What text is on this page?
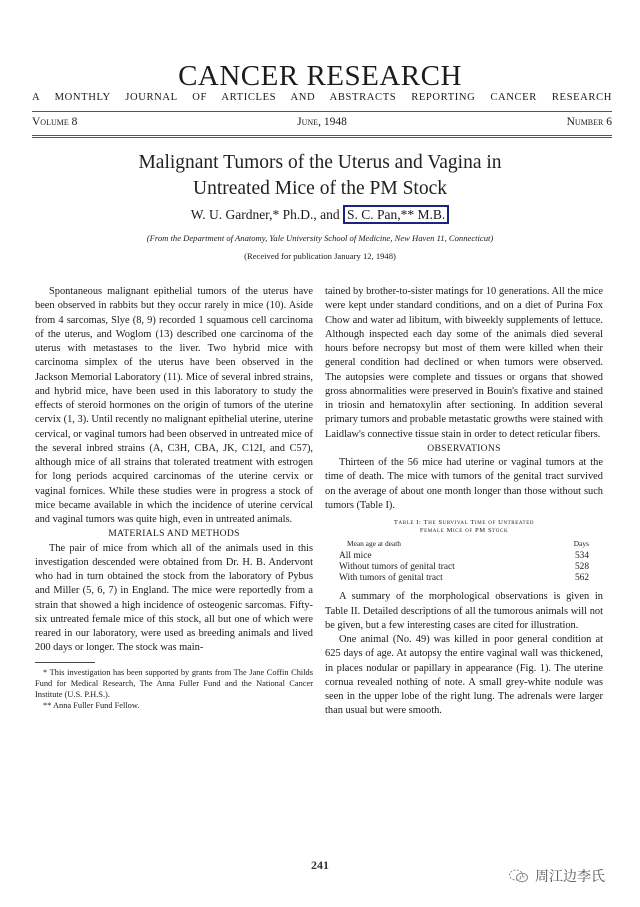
CANCER RESEARCH
A MONTHLY JOURNAL OF ARTICLES AND ABSTRACTS REPORTING CANCER RESEARCH
Volume 8	June, 1948	Number 6
Malignant Tumors of the Uterus and Vagina in
Untreated Mice of the PM Stock
W. U. Gardner,* Ph.D., and S. C. Pan,** M.B.
(From the Department of Anatomy, Yale University School of Medicine, New Haven 11, Connecticut)
(Received for publication January 12, 1948)

Spontaneous malignant epithelial tumors of the uterus have been observed in rabbits but they occur rarely in mice (10). Aside from 4 sarcomas, Slye (8, 9) recorded 1 squamous cell carcinoma of the uterus, and Woglom (13) described one carcinoma of the uterus with metastases to the liver. Two hybrid mice with carcinoma simplex of the uterus have been observed in the Jackson Memorial Laboratory (11). Mice of several inbred strains, and hybrid mice, have been used in this laboratory to study the effects of steroid hormones on the origin of tumors of the uterine cervix (1, 3). Until recently no malignant epithelial uterine, uterine cervical, or vaginal tumors had been observed in untreated mice of the several inbred strains (A, C3H, CBA, JK, C12I, and C57), although mice of all strains that tolerated treatment with estrogen for long periods acquired carcinomas of the uterine cervix or vaginal fornices. While these studies were in progress a stock of mice became available in which the incidence of uterine cervical and vaginal tumors was quite high, even in untreated animals.

MATERIALS AND METHODS

The pair of mice from which all of the animals used in this investigation descended were obtained from Dr. H. B. Andervont who had in turn obtained the stock from the laboratory of Pybus and Miller (5, 6, 7) in England. The mice were reportedly from a strain that showed a high incidence of osteogenic sarcomas. Fifty-six untreated female mice of this stock, all but one of which were reared in our laboratory, were used as breeding animals and lived 200 days or longer. The stock was main-

* This investigation has been supported by grants from The Jane Coffin Childs Fund for Medical Research, The Anna Fuller Fund and the National Cancer Institute (U.S. P.H.S.).

** Anna Fuller Fund Fellow.

tained by brother-to-sister matings for 10 generations. All the mice were kept under standard conditions, and on a diet of Purina Fox Chow and water ad libitum, with biweekly supplements of lettuce. Although inspected each day some of the animals died several hours before necropsy but most of them were killed when their general condition had declined or when tumors were observed. The autopsies were complete and tissues or organs that showed gross abnormalities were preserved in Bouin's fixative and stained in triosin and hematoxylin after sectioning. In addition several primary tumors and probable metastatic growths were stained with Laidlaw's connective tissue stain in order to detect reticular fibers.

OBSERVATIONS

Thirteen of the 56 mice had uterine or vaginal tumors at the time of death. The mice with tumors of the genital tract survived on the average of about one month longer than those without such tumors (Table I).

Table I: The Survival Time of Untreated
Female Mice of PM Stock
Mean age at death	Days
All mice	534
Without tumors of genital tract	528
With tumors of genital tract	562

A summary of the morphological observations is given in Table II. Detailed descriptions of all the tumorous animals will not be given, but a few interesting cases are cited for illustration.

One animal (No. 49) was killed in poor general condition at 625 days of age. At autopsy the entire vaginal wall was thickened, in places nodular or papillary in appearance (Fig. 1). The uterine cornua revealed nothing of note. A small grey-white nodule was seen in the upper lobe of the right lung. The adrenals were larger than usual but were smooth.

241
周江边李氏
